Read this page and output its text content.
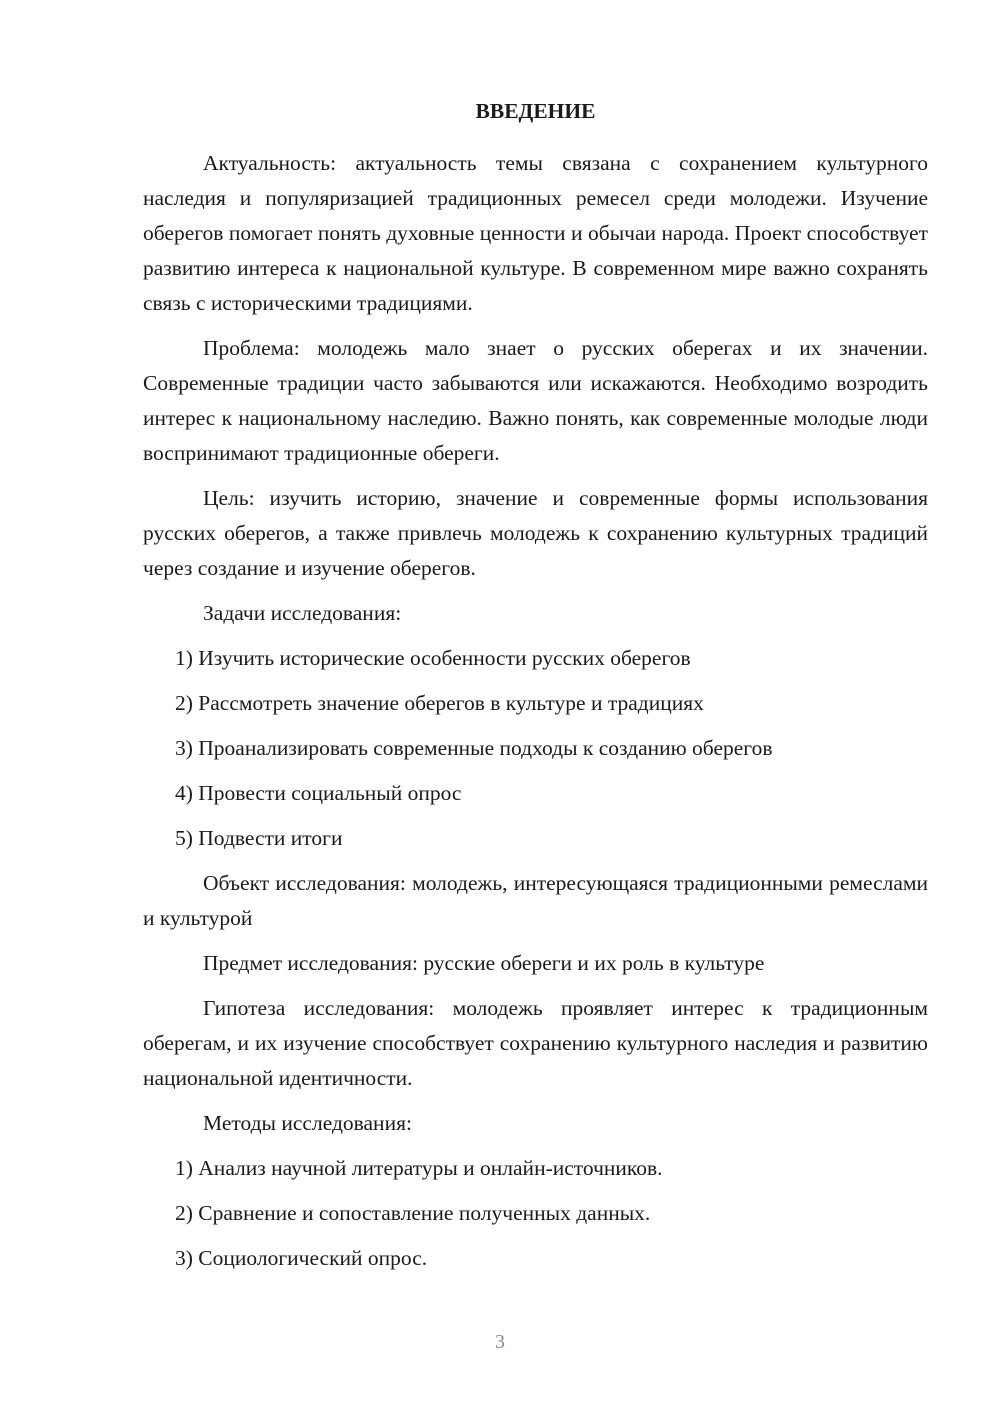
ВВЕДЕНИЕ

Актуальность: актуальность темы связана с сохранением культурного наследия и популяризацией традиционных ремесел среди молодежи. Изучение оберегов помогает понять духовные ценности и обычаи народа. Проект способствует развитию интереса к национальной культуре. В современном мире важно сохранять связь с историческими традициями.

Проблема: молодежь мало знает о русских оберегах и их значении. Современные традиции часто забываются или искажаются. Необходимо возродить интерес к национальному наследию. Важно понять, как современные молодые люди воспринимают традиционные обереги.

Цель: изучить историю, значение и современные формы использования русских оберегов, а также привлечь молодежь к сохранению культурных традиций через создание и изучение оберегов.

Задачи исследования:

1) Изучить исторические особенности русских оберегов
2) Рассмотреть значение оберегов в культуре и традициях
3) Проанализировать современные подходы к созданию оберегов
4) Провести социальный опрос
5) Подвести итоги

Объект исследования: молодежь, интересующаяся традиционными ремеслами и культурой

Предмет исследования: русские обереги и их роль в культуре

Гипотеза исследования: молодежь проявляет интерес к традиционным оберегам, и их изучение способствует сохранению культурного наследия и развитию национальной идентичности.

Методы исследования:

1) Анализ научной литературы и онлайн-источников.
2) Сравнение и сопоставление полученных данных.
3) Социологический опрос.
3
